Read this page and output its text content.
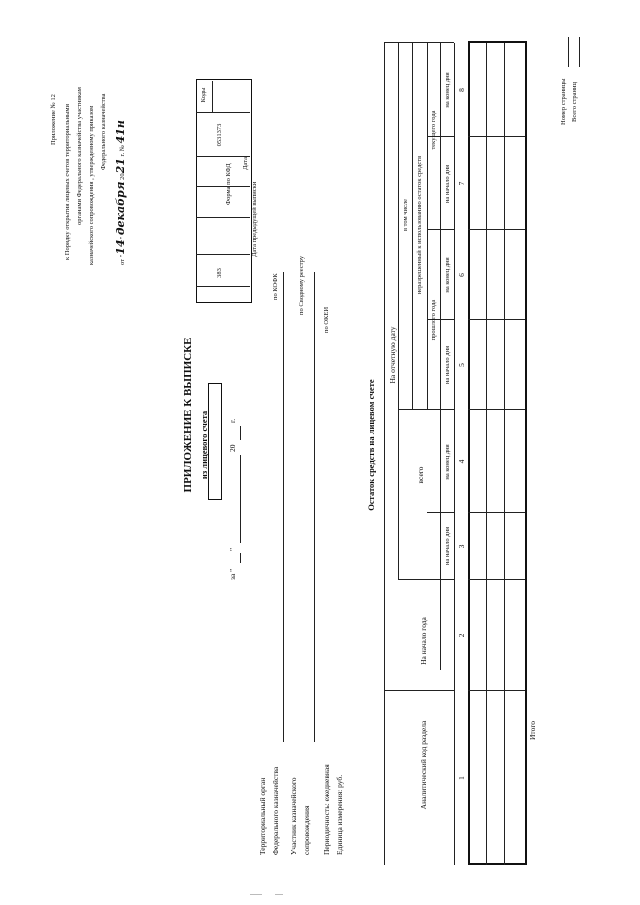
Приложение № 12 к Порядку открытия лицевых счетов территориальными органами Федерального казначейства участникам казначейского сопровождения , утвержденному приказом Федерального казначейства
от "14" декабря 2021 г. № 41н
ПРИЛОЖЕНИЕ К ВЫПИСКЕ из лицевого счета
за "
"
20
г.
Коды
0531373
383
Форма по КФД Дата
Дата предыдущей выписки
по КОФК	по Сводному реестру
по ОКЕИ
Территориальный орган Федерального казначейства Участник казначейского сопровождения Периодичность: ежедневная Единица измерения: руб.
Остаток средств на лицевом счете
Аналитический код раздела
На начало года
На отчетную дату
всего
в том числе неразрешенный к использованию остаток средств
прошлого года
текущего года
на начало дня
на конец дня
на начало дня
на конец дня
на начало дня
на конец дня
1
2
3
4
5
6
7
8
Итого
Номер страницы Всего страниц
